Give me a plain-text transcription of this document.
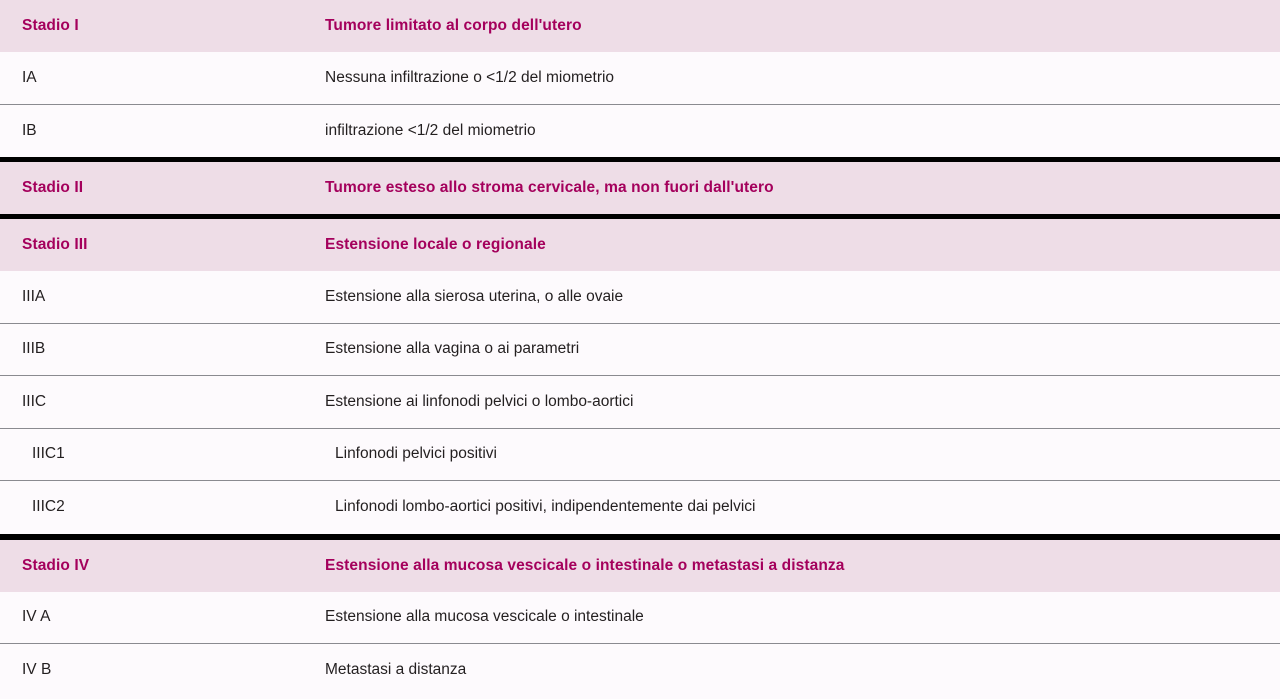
Stadio I	Tumore limitato al corpo dell'utero
IA	Nessuna infiltrazione o <1/2 del miometrio
IB	infiltrazione <1/2 del miometrio
Stadio II	Tumore esteso allo stroma cervicale, ma non fuori dall'utero
Stadio III	Estensione locale o regionale
IIIA	Estensione alla sierosa uterina, o alle ovaie
IIIB	Estensione alla vagina o ai parametri
IIIC	Estensione ai linfonodi pelvici o lombo-aortici
IIIC1	Linfonodi pelvici positivi
IIIC2	Linfonodi lombo-aortici positivi, indipendentemente dai pelvici
Stadio IV	Estensione alla mucosa vescicale o intestinale o metastasi a distanza
IV A	Estensione alla mucosa vescicale o intestinale
IV B	Metastasi a distanza
